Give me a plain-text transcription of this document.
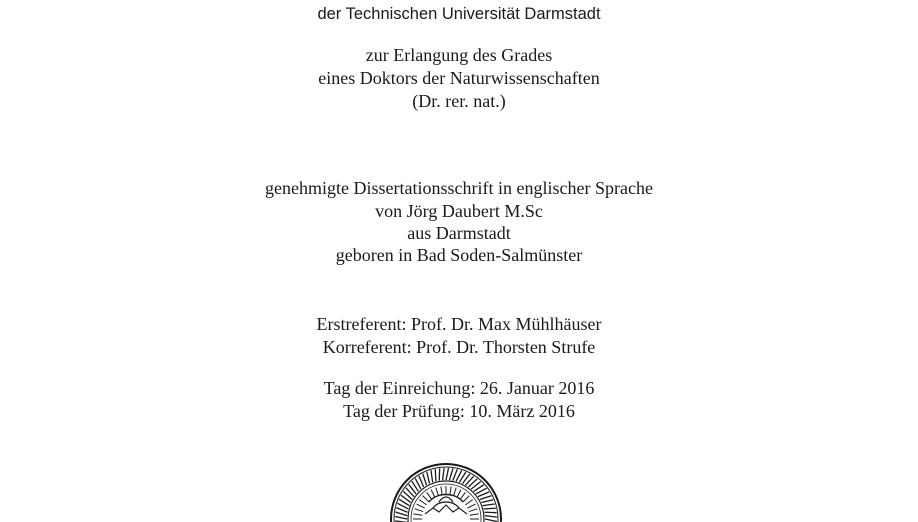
der Technischen Universität Darmstadt
zur Erlangung des Grades
eines Doktors der Naturwissenschaften
(Dr. rer. nat.)
genehmigte Dissertationsschrift in englischer Sprache
von Jörg Daubert M.Sc
aus Darmstadt
geboren in Bad Soden-Salmünster
Erstreferent: Prof. Dr. Max Mühlhäuser
Korreferent: Prof. Dr. Thorsten Strufe
Tag der Einreichung: 26. Januar 2016
Tag der Prüfung: 10. März 2016
